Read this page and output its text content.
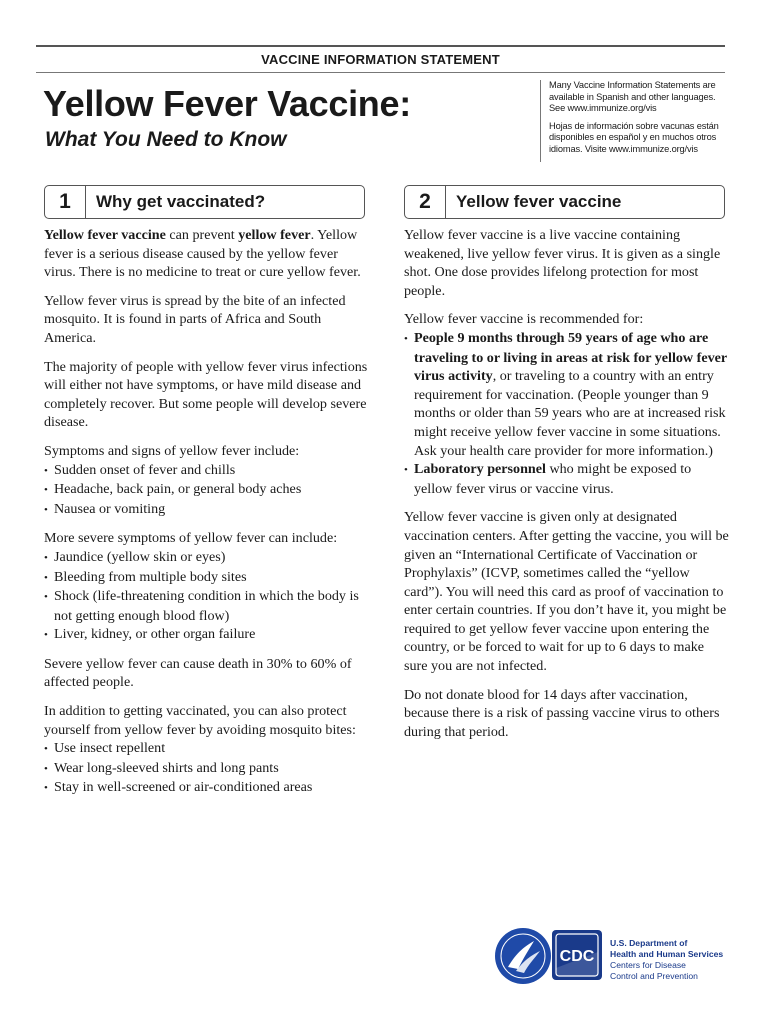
VACCINE INFORMATION STATEMENT
Yellow Fever Vaccine:
What You Need to Know

Many Vaccine Information Statements are available in Spanish and other languages. See www.immunize.org/vis

Hojas de información sobre vacunas están disponibles en español y en muchos otros idiomas. Visite www.immunize.org/vis

1	Why get vaccinated?	2	Yellow fever vaccine

Yellow fever vaccine can prevent yellow fever. Yellow fever is a serious disease caused by the yellow fever virus. There is no medicine to treat or cure yellow fever.

Yellow fever virus is spread by the bite of an infected mosquito. It is found in parts of Africa and South America.

The majority of people with yellow fever virus infections will either not have symptoms, or have mild disease and completely recover. But some people will develop severe disease.

Symptoms and signs of yellow fever include:

• Sudden onset of fever and chills
• Headache, back pain, or general body aches
• Nausea or vomiting

More severe symptoms of yellow fever can include:

• Jaundice (yellow skin or eyes)
• Bleeding from multiple body sites
• Shock (life-threatening condition in which the body is not getting enough blood flow)
• Liver, kidney, or other organ failure

Severe yellow fever can cause death in 30% to 60% of affected people.

In addition to getting vaccinated, you can also protect yourself from yellow fever by avoiding mosquito bites:

• Use insect repellent
• Wear long-sleeved shirts and long pants
• Stay in well-screened or air-conditioned areas

Yellow fever vaccine is a live vaccine containing weakened, live yellow fever virus. It is given as a single shot. One dose provides lifelong protection for most people.

Yellow fever vaccine is recommended for:

• People 9 months through 59 years of age who are traveling to or living in areas at risk for yellow fever virus activity, or traveling to a country with an entry requirement for vaccination. (People younger than 9 months or older than 59 years who are at increased risk might receive yellow fever vaccine in some situations. Ask your health care provider for more information.)
• Laboratory personnel who might be exposed to yellow fever virus or vaccine virus.

Yellow fever vaccine is given only at designated vaccination centers. After getting the vaccine, you will be given an “International Certificate of Vaccination or Prophylaxis” (ICVP, sometimes called the “yellow card”). You will need this card as proof of vaccination to enter certain countries. If you don’t have it, you might be required to get yellow fever vaccine upon entering the country, or be forced to wait for up to 6 days to make sure you are not infected.

Do not donate blood for 14 days after vaccination, because there is a risk of passing vaccine virus to others during that period.

CDC
U.S. Department of
Health and Human Services
Centers for Disease
Control and Prevention
